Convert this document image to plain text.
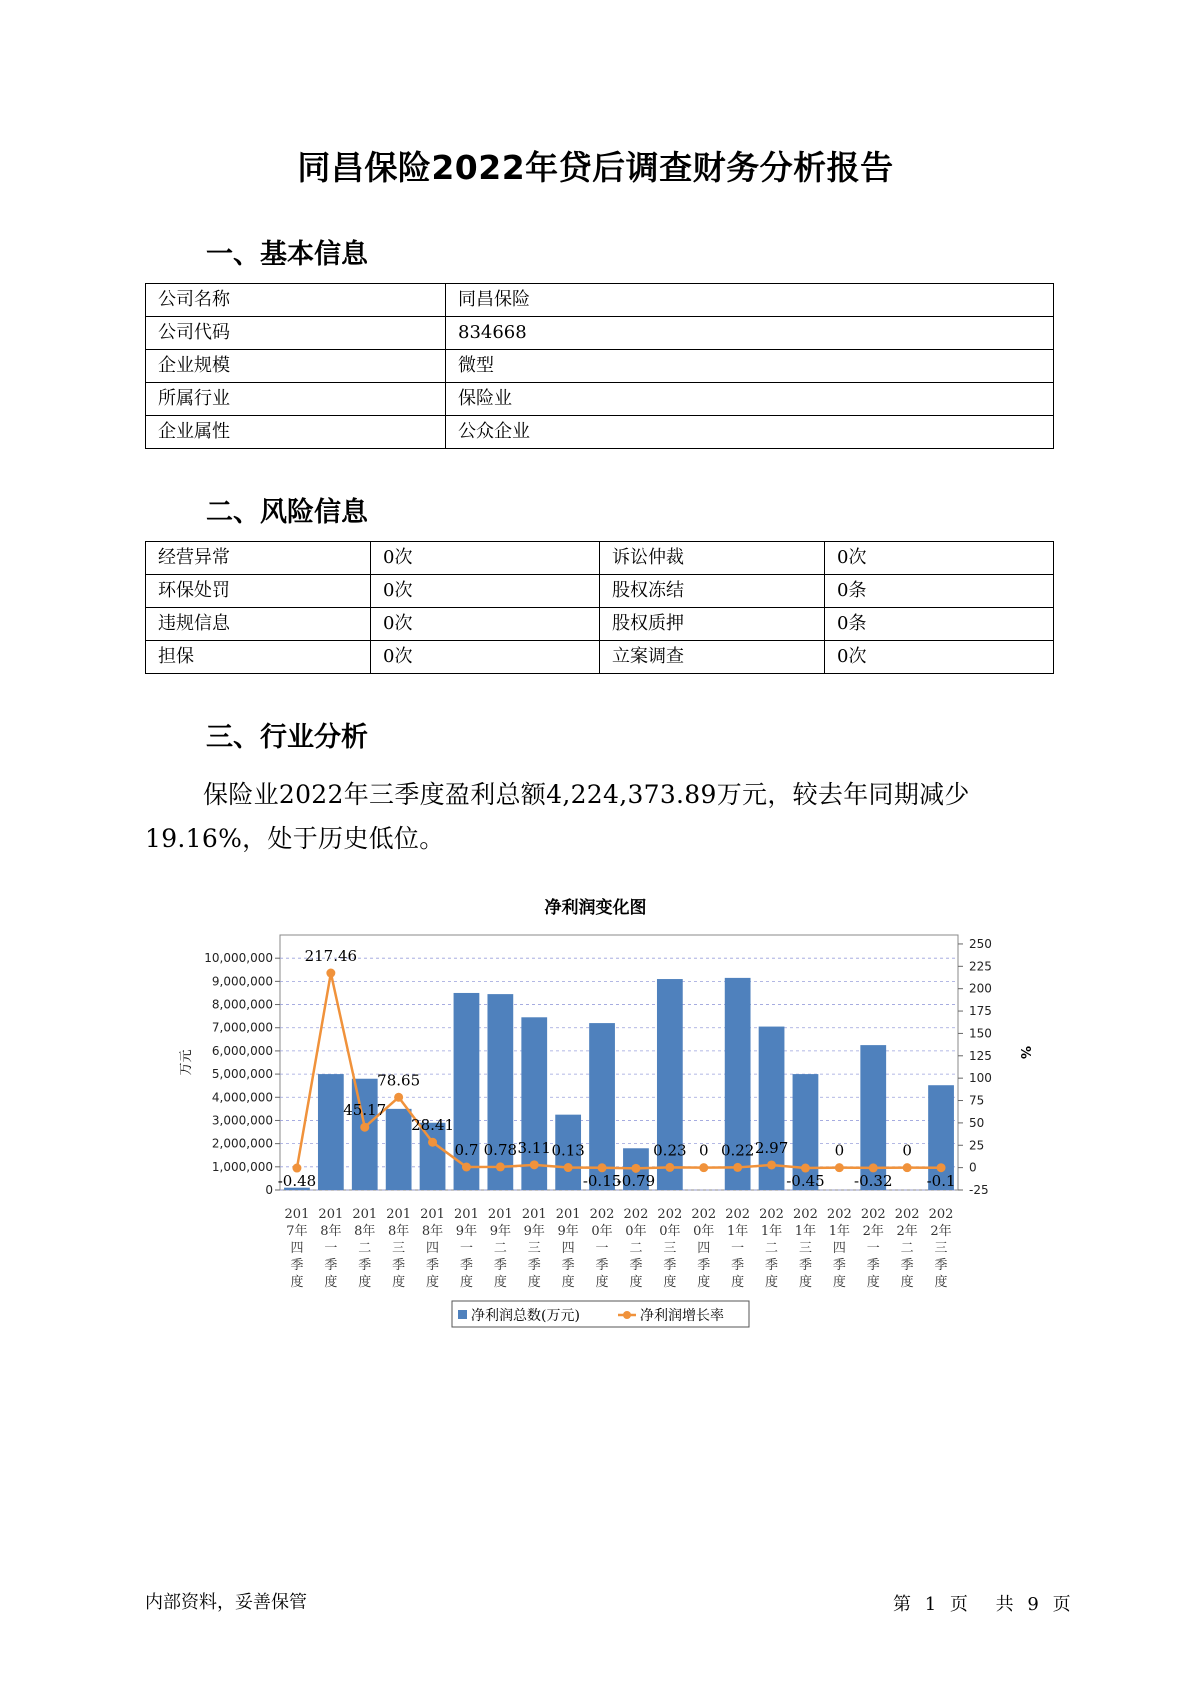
同昌保险2022年贷后调查财务分析报告
一、基本信息
公司名称	同昌保险
公司代码	834668
企业规模	微型
所属行业	保险业
企业属性	公众企业
二、风险信息
经营异常	0次	诉讼仲裁	0次
环保处罚	0次	股权冻结	0条
违规信息	0次	股权质押	0条
担保	0次	立案调查	0次
三、行业分析
保险业2022年三季度盈利总额4,224,373.89万元，较去年同期减少19.16%，处于历史低位。
净利润变化图
0
1,000,000
2,000,000
3,000,000
4,000,000
5,000,000
6,000,000
7,000,000
8,000,000
9,000,000
10,000,000
-25
0
25
50
75
100
125
150
175
200
225
250
万元	%
-0.48
217.46
45.17
78.65
28.41
0.7 0.78 3.11 0.13
-0.15
-0.79
0.23 0 0.22 2.97
-0.45
0
-0.32
0
-0.1
201
7年
四
季
度
201
8年
一
季
度
201
8年
二
季
度
201
8年
三
季
度
201
8年
四
季
度
201
9年
一
季
度
201
9年
二
季
度
201
9年
三
季
度
201
9年
四
季
度
202
0年
一
季
度
202
0年
二
季
度
202
0年
三
季
度
202
0年
四
季
度
202
1年
一
季
度
202
1年
二
季
度
202
1年
三
季
度
202
1年
四
季
度
202
2年
一
季
度
202
2年
二
季
度
202
2年
三
季
度
净利润总数(万元)	净利润增长率
内部资料，妥善保管	第 1 页 共 9 页
